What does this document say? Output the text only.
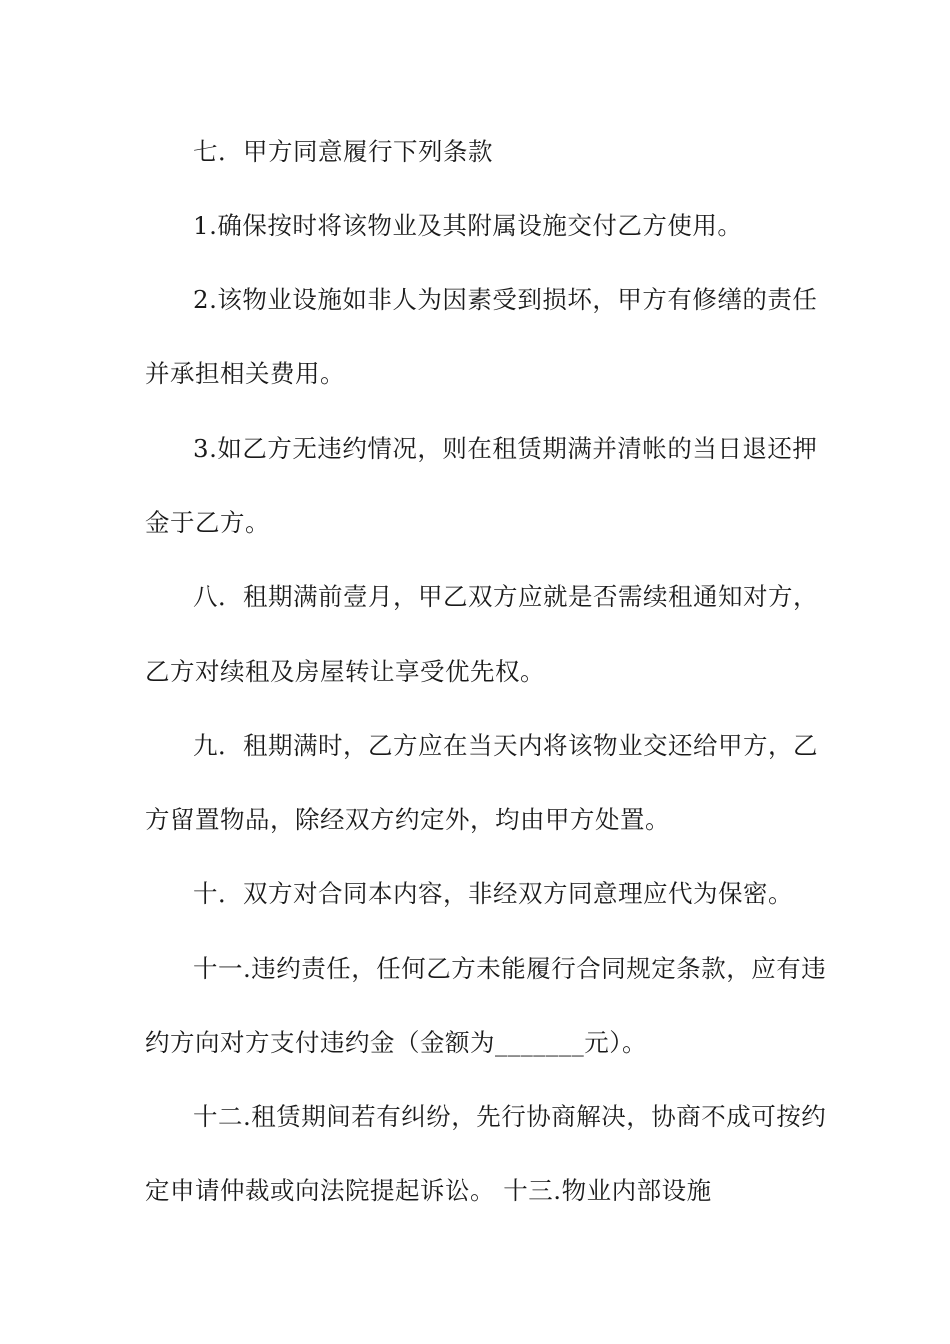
七．甲方同意履行下列条款
1.确保按时将该物业及其附属设施交付乙方使用。
2.该物业设施如非人为因素受到损坏，甲方有修缮的责任
并承担相关费用。
3.如乙方无违约情况，则在租赁期满并清帐的当日退还押
金于乙方。
八．租期满前壹月，甲乙双方应就是否需续租通知对方，
乙方对续租及房屋转让享受优先权。
九．租期满时，乙方应在当天内将该物业交还给甲方，乙
方留置物品，除经双方约定外，均由甲方处置。
十．双方对合同本内容，非经双方同意理应代为保密。
十一.违约责任，任何乙方未能履行合同规定条款，应有违
约方向对方支付违约金（金额为_______元）。
十二.租赁期间若有纠纷，先行协商解决，协商不成可按约
定申请仲裁或向法院提起诉讼。 十三.物业内部设施
